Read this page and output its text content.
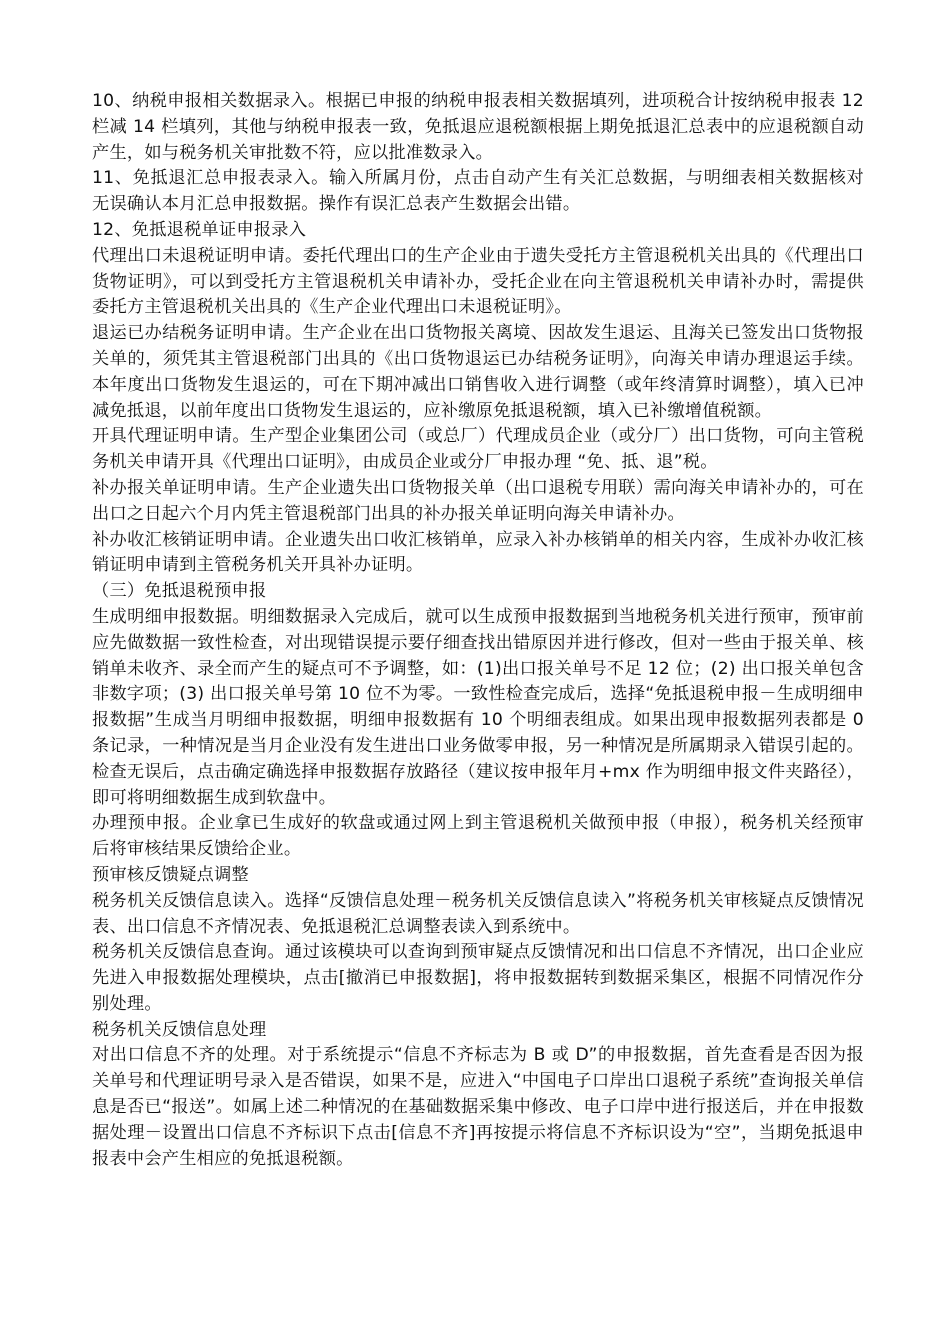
10、纳税申报相关数据录入。根据已申报的纳税申报表相关数据填列，进项税合计按纳税申报表 12 栏减 14 栏填列，其他与纳税申报表一致，免抵退应退税额根据上期免抵退汇总表中的应退税额自动产生，如与税务机关审批数不符，应以批准数录入。

11、免抵退汇总申报表录入。输入所属月份，点击自动产生有关汇总数据，与明细表相关数据核对无误确认本月汇总申报数据。操作有误汇总表产生数据会出错。

12、免抵退税单证申报录入

代理出口未退税证明申请。委托代理出口的生产企业由于遗失受托方主管退税机关出具的《代理出口货物证明》，可以到受托方主管退税机关申请补办，受托企业在向主管退税机关申请补办时，需提供委托方主管退税机关出具的《生产企业代理出口未退税证明》。

退运已办结税务证明申请。生产企业在出口货物报关离境、因故发生退运、且海关已签发出口货物报关单的，须凭其主管退税部门出具的《出口货物退运已办结税务证明》，向海关申请办理退运手续。本年度出口货物发生退运的，可在下期冲减出口销售收入进行调整（或年终清算时调整），填入已冲减免抵退，以前年度出口货物发生退运的，应补缴原免抵退税额，填入已补缴增值税额。

开具代理证明申请。生产型企业集团公司（或总厂）代理成员企业（或分厂）出口货物，可向主管税务机关申请开具《代理出口证明》，由成员企业或分厂申报办理 “免、抵、退”税。

补办报关单证明申请。生产企业遗失出口货物报关单（出口退税专用联）需向海关申请补办的，可在出口之日起六个月内凭主管退税部门出具的补办报关单证明向海关申请补办。

补办收汇核销证明申请。企业遗失出口收汇核销单，应录入补办核销单的相关内容，生成补办收汇核销证明申请到主管税务机关开具补办证明。

（三）免抵退税预申报

生成明细申报数据。明细数据录入完成后，就可以生成预申报数据到当地税务机关进行预审，预审前应先做数据一致性检查，对出现错误提示要仔细查找出错原因并进行修改，但对一些由于报关单、核销单未收齐、录全而产生的疑点可不予调整，如：(1)出口报关单号不足 12 位；(2) 出口报关单包含非数字项；(3) 出口报关单号第 10 位不为零。一致性检查完成后，选择“免抵退税申报－生成明细申报数据”生成当月明细申报数据，明细申报数据有 10 个明细表组成。如果出现申报数据列表都是 0 条记录，一种情况是当月企业没有发生进出口业务做零申报，另一种情况是所属期录入错误引起的。检查无误后，点击确定确选择申报数据存放路径（建议按申报年月+mx 作为明细申报文件夹路径），即可将明细数据生成到软盘中。

办理预申报。企业拿已生成好的软盘或通过网上到主管退税机关做预申报（申报），税务机关经预审后将审核结果反馈给企业。

预审核反馈疑点调整

税务机关反馈信息读入。选择“反馈信息处理－税务机关反馈信息读入”将税务机关审核疑点反馈情况表、出口信息不齐情况表、免抵退税汇总调整表读入到系统中。

税务机关反馈信息查询。通过该模块可以查询到预审疑点反馈情况和出口信息不齐情况，出口企业应先进入申报数据处理模块，点击[撤消已申报数据]，将申报数据转到数据采集区，根据不同情况作分别处理。

税务机关反馈信息处理

对出口信息不齐的处理。对于系统提示“信息不齐标志为 B 或 D”的申报数据，首先查看是否因为报关单号和代理证明号录入是否错误，如果不是，应进入“中国电子口岸出口退税子系统”查询报关单信息是否已“报送”。如属上述二种情况的在基础数据采集中修改、电子口岸中进行报送后，并在申报数据处理－设置出口信息不齐标识下点击[信息不齐]再按提示将信息不齐标识设为“空”，当期免抵退申报表中会产生相应的免抵退税额。
